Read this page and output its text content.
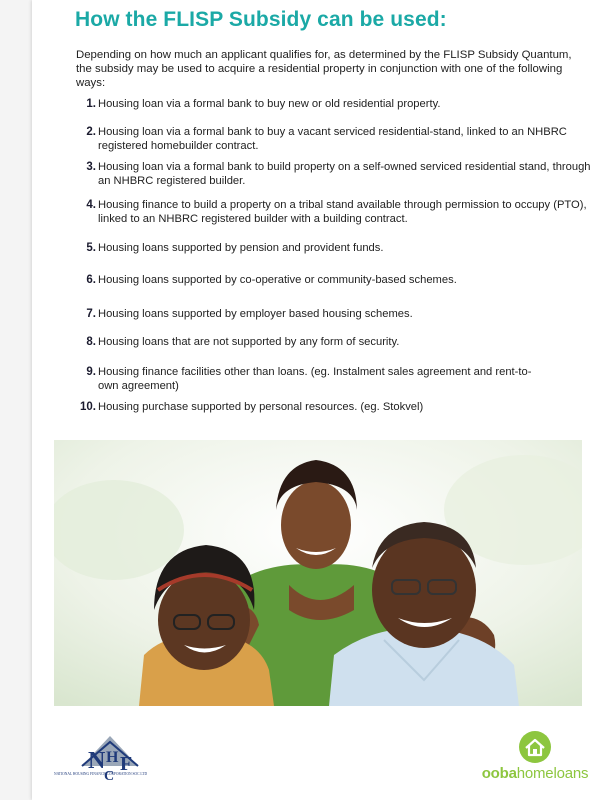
How the FLISP Subsidy can be used:
Depending on how much an applicant qualifies for, as determined by the FLISP Subsidy Quantum, the subsidy may be used to acquire a residential property in conjunction with one of the following ways:
1. Housing loan via a formal bank to buy new or old residential property.
2. Housing loan via a formal bank to buy a vacant serviced residential-stand, linked to an NHBRC registered homebuilder contract.
3. Housing loan via a formal bank to build property on a self-owned serviced residential stand, through an NHBRC registered builder.
4. Housing finance to build a property on a tribal stand available through permission to occupy (PTO), linked to an NHBRC registered builder with a building contract.
5. Housing loans supported by pension and provident funds.
6. Housing loans supported by co-operative or community-based schemes.
7. Housing loans supported by employer based housing schemes.
8. Housing loans that are not supported by any form of security.
9. Housing finance facilities other than loans. (eg. Instalment sales agreement and rent-to-own agreement)
10. Housing purchase supported by personal resources. (eg. Stokvel)
N H F
C
NATIONAL HOUSING FINANCE CORPORATION SOC LTD	oobahomeloans
